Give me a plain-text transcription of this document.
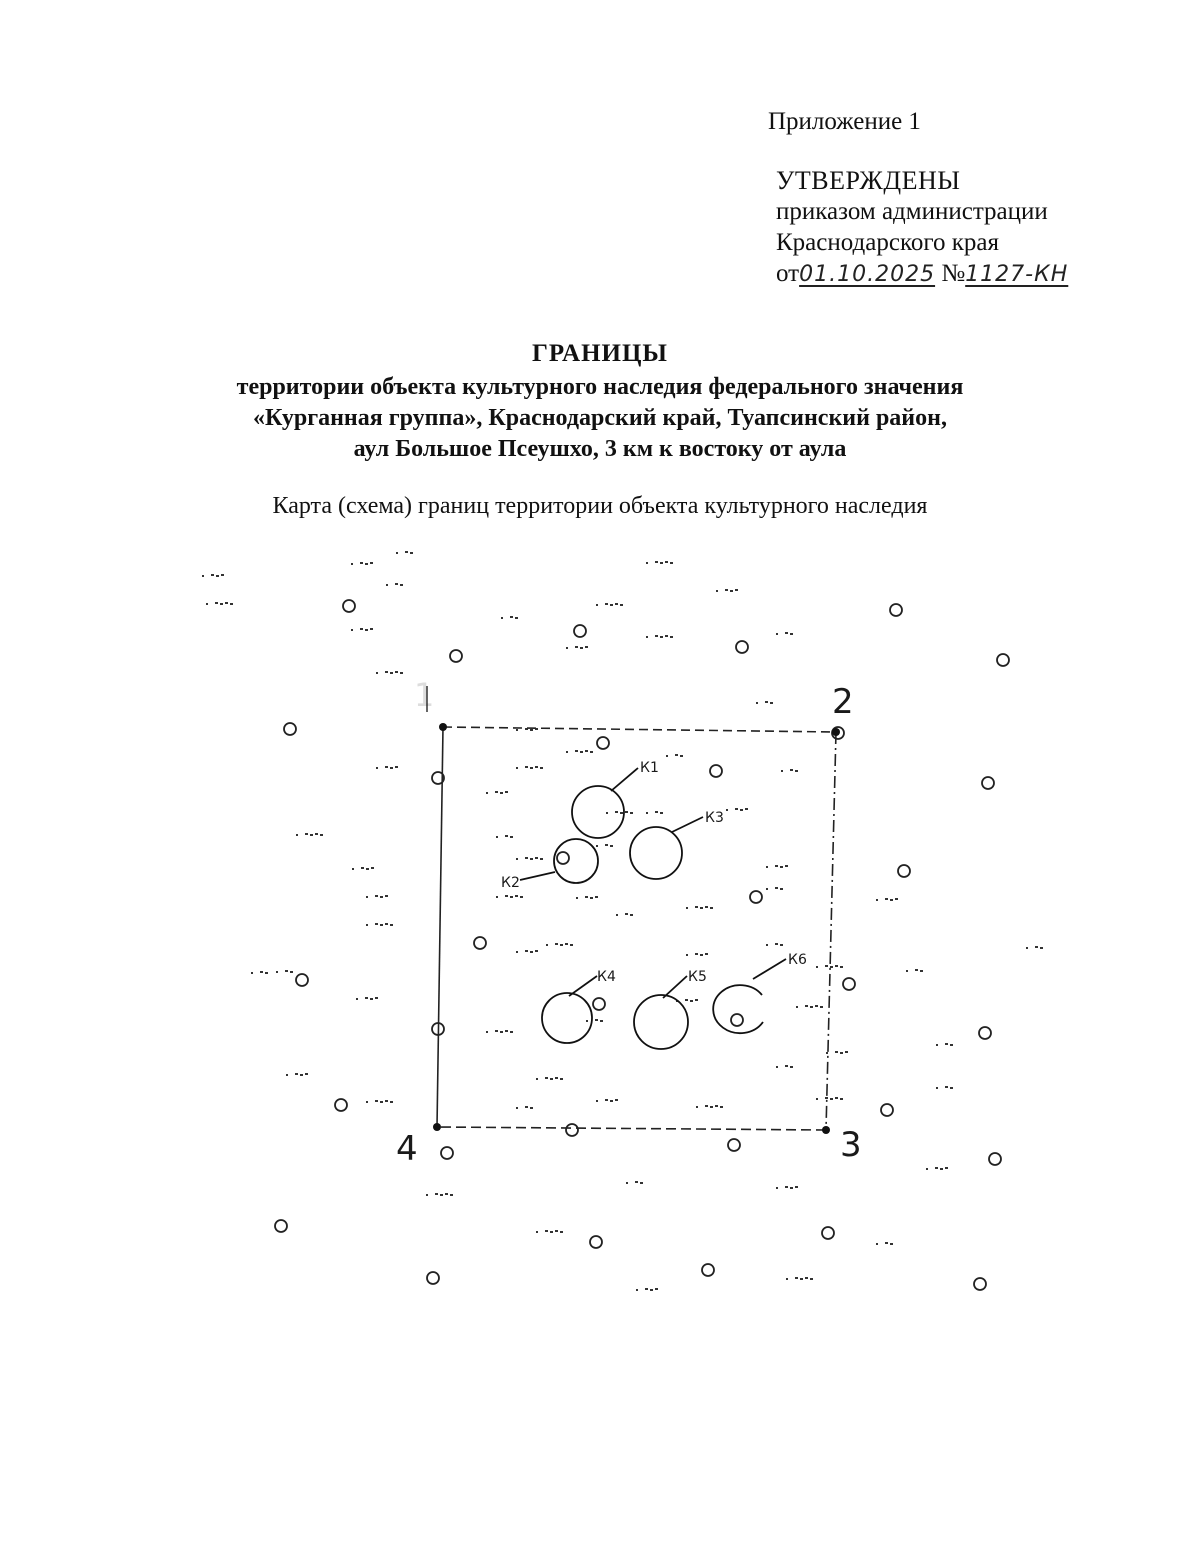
Приложение 1
УТВЕРЖДЕНЫ
приказом администрации
Краснодарского края
от01.10.2025 №1127-КН
ГРАНИЦЫ
территории объекта культурного наследия федерального значения
«Курганная группа», Краснодарский край, Туапсинский район,
аул Большое Псеушхо, 3 км к востоку от аула
Карта (схема) границ территории объекта культурного наследия
1	2
3
4
К1
К2
К3
К4	К5
К6
